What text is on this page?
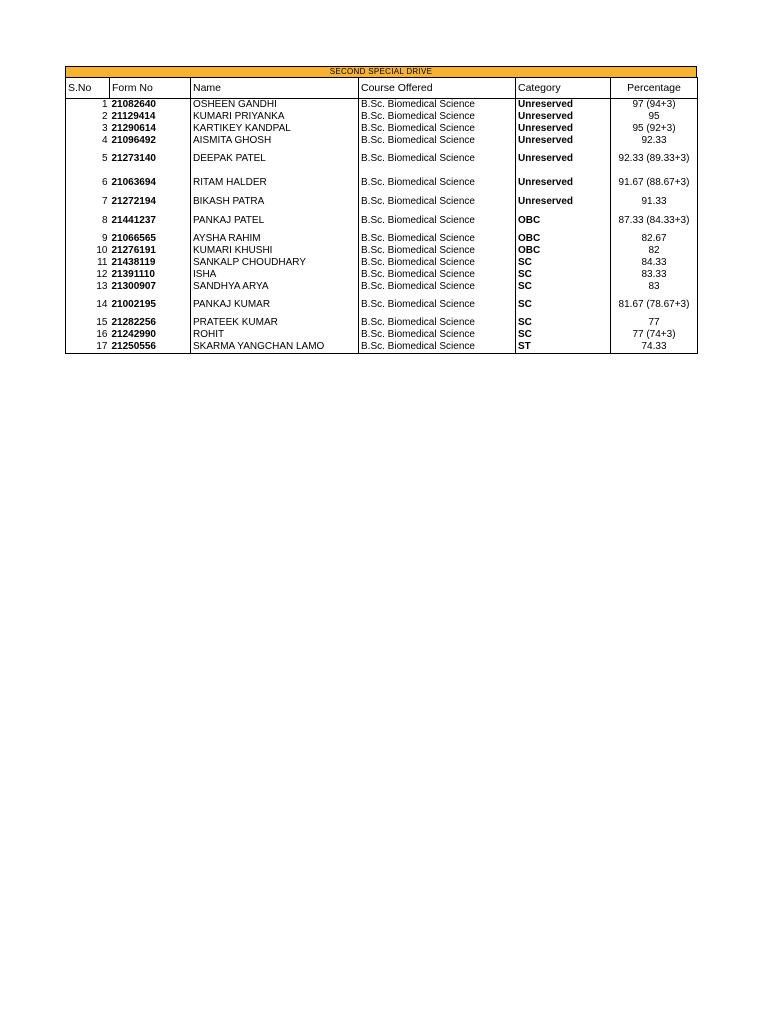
SECOND SPECIAL DRIVE
S.No	Form No	Name	Course Offered	Category	Percentage
1	21082640	OSHEEN GANDHI	B.Sc. Biomedical Science	Unreserved	97 (94+3)
2	21129414	KUMARI PRIYANKA	B.Sc. Biomedical Science	Unreserved	95
3	21290614	KARTIKEY KANDPAL	B.Sc. Biomedical Science	Unreserved	95 (92+3)
4	21096492	AISMITA GHOSH	B.Sc. Biomedical Science	Unreserved	92.33
5	21273140	DEEPAK PATEL	B.Sc. Biomedical Science	Unreserved	92.33 (89.33+3)
6	21063694	RITAM HALDER	B.Sc. Biomedical Science	Unreserved	91.67 (88.67+3)
7	21272194	BIKASH PATRA	B.Sc. Biomedical Science	Unreserved	91.33
8	21441237	PANKAJ PATEL	B.Sc. Biomedical Science	OBC	87.33 (84.33+3)
9	21066565	AYSHA RAHIM	B.Sc. Biomedical Science	OBC	82.67
10	21276191	KUMARI KHUSHI	B.Sc. Biomedical Science	OBC	82
11	21438119	SANKALP CHOUDHARY	B.Sc. Biomedical Science	SC	84.33
12	21391110	ISHA	B.Sc. Biomedical Science	SC	83.33
13	21300907	SANDHYA ARYA	B.Sc. Biomedical Science	SC	83
14	21002195	PANKAJ KUMAR	B.Sc. Biomedical Science	SC	81.67 (78.67+3)
15	21282256	PRATEEK KUMAR	B.Sc. Biomedical Science	SC	77
16	21242990	ROHIT	B.Sc. Biomedical Science	SC	77 (74+3)
17	21250556	SKARMA YANGCHAN LAMO	B.Sc. Biomedical Science	ST	74.33
